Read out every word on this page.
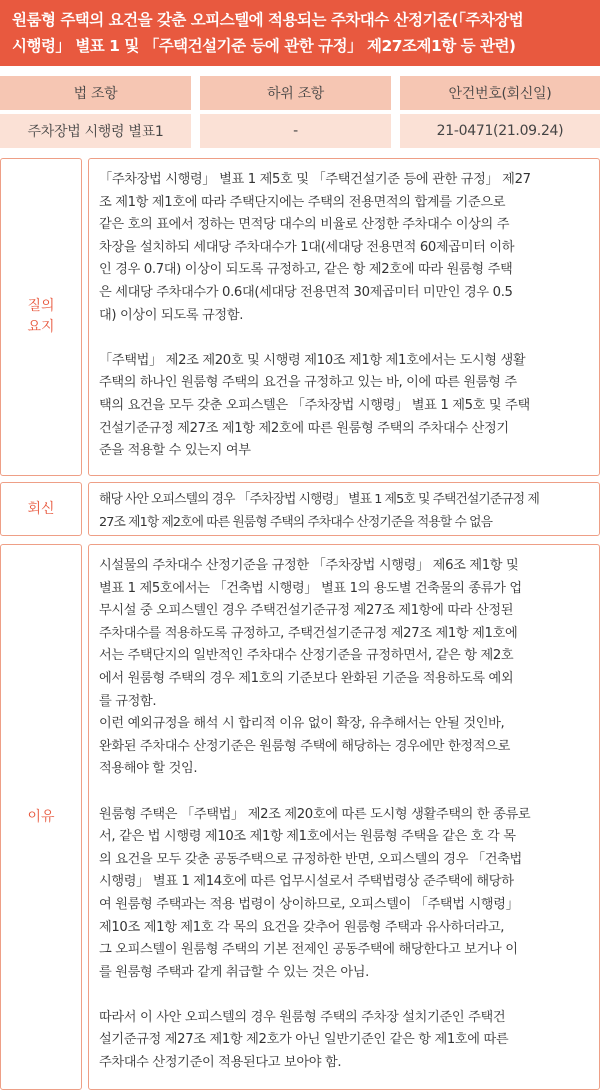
원룸형 주택의 요건을 갖춘 오피스텔에 적용되는 주차대수 산정기준(「주차장법
시행령」 별표 1 및 「주택건설기준 등에 관한 규정」 제27조제1항 등 관련)
법 조항	하위 조항	안건번호(회신일)
주차장법 시행령 별표1	-	21-0471(21.09.24)
질의
요지
「주차장법 시행령」 별표 1 제5호 및 「주택건설기준 등에 관한 규정」 제27
조 제1항 제1호에 따라 주택단지에는 주택의 전용면적의 합계를 기준으로
같은 호의 표에서 정하는 면적당 대수의 비율로 산정한 주차대수 이상의 주
차장을 설치하되 세대당 주차대수가 1대(세대당 전용면적 60제곱미터 이하
인 경우 0.7대) 이상이 되도록 규정하고, 같은 항 제2호에 따라 원룸형 주택
은 세대당 주차대수가 0.6대(세대당 전용면적 30제곱미터 미만인 경우 0.5
대) 이상이 되도록 규정함.
「주택법」 제2조 제20호 및 시행령 제10조 제1항 제1호에서는 도시형 생활
주택의 하나인 원룸형 주택의 요건을 규정하고 있는 바, 이에 따른 원룸형 주
택의 요건을 모두 갖춘 오피스텔은 「주차장법 시행령」 별표 1 제5호 및 주택
건설기준규정 제27조 제1항 제2호에 따른 원룸형 주택의 주차대수 산정기
준을 적용할 수 있는지 여부
회신
해당 사안 오피스텔의 경우 「주차장법 시행령」 별표 1 제5호 및 주택건설기준규정 제
27조 제1항 제2호에 따른 원룸형 주택의 주차대수 산정기준을 적용할 수 없음
이유
시설물의 주차대수 산정기준을 규정한 「주차장법 시행령」 제6조 제1항 및
별표 1 제5호에서는 「건축법 시행령」 별표 1의 용도별 건축물의 종류가 업
무시설 중 오피스텔인 경우 주택건설기준규정 제27조 제1항에 따라 산정된
주차대수를 적용하도록 규정하고, 주택건설기준규정 제27조 제1항 제1호에
서는 주택단지의 일반적인 주차대수 산정기준을 규정하면서, 같은 항 제2호
에서 원룸형 주택의 경우 제1호의 기준보다 완화된 기준을 적용하도록 예외
를 규정함.
이런 예외규정을 해석 시 합리적 이유 없이 확장, 유추해서는 안될 것인바,
완화된 주차대수 산정기준은 원룸형 주택에 해당하는 경우에만 한정적으로
적용해야 할 것임.
원룸형 주택은 「주택법」 제2조 제20호에 따른 도시형 생활주택의 한 종류로
서, 같은 법 시행령 제10조 제1항 제1호에서는 원룸형 주택을 같은 호 각 목
의 요건을 모두 갖춘 공동주택으로 규정하한 반면, 오피스텔의 경우 「건축법
시행령」 별표 1 제14호에 따른 업무시설로서 주택법령상 준주택에 해당하
여 원룸형 주택과는 적용 법령이 상이하므로, 오피스텔이 「주택법 시행령」
제10조 제1항 제1호 각 목의 요건을 갖추어 원룸형 주택과 유사하더라고,
그 오피스텔이 원룸형 주택의 기본 전제인 공동주택에 해당한다고 보거나 이
를 원룸형 주택과 같게 취급할 수 있는 것은 아님.
따라서 이 사안 오피스텔의 경우 원룸형 주택의 주차장 설치기준인 주택건
설기준규정 제27조 제1항 제2호가 아닌 일반기준인 같은 항 제1호에 따른
주차대수 산정기준이 적용된다고 보아야 함.
